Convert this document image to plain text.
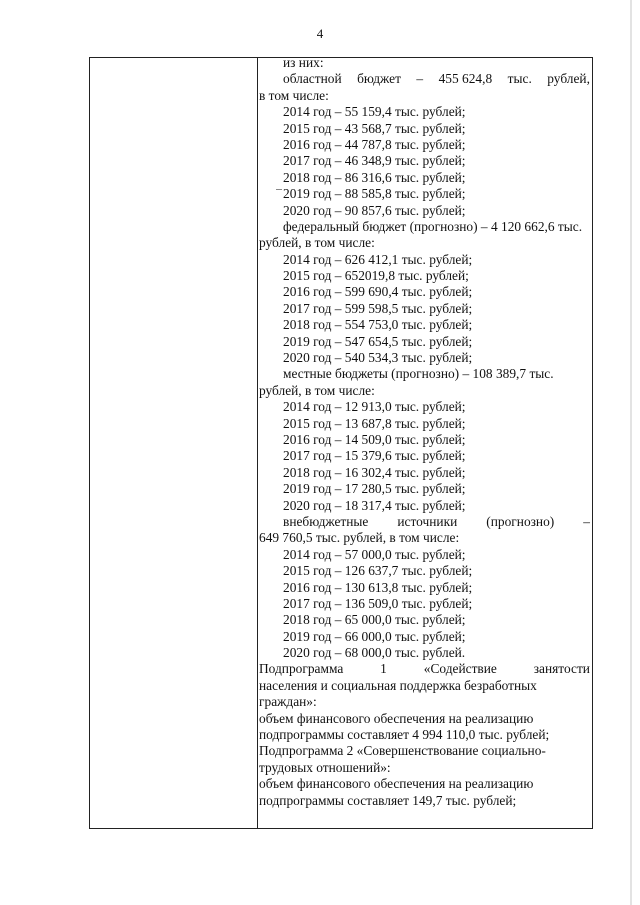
4
из них:
областной бюджет – 455 624,8 тыс. рублей,
в том числе:
2014 год – 55 159,4 тыс. рублей;
2015 год – 43 568,7 тыс. рублей;
2016 год – 44 787,8 тыс. рублей;
2017 год – 46 348,9 тыс. рублей;
2018 год – 86 316,6 тыс. рублей;
2019 год – 88 585,8 тыс. рублей;
2020 год – 90 857,6 тыс. рублей;
федеральный бюджет (прогнозно) – 4 120 662,6 тыс.
рублей, в том числе:
2014 год – 626 412,1 тыс. рублей;
2015 год – 652019,8 тыс. рублей;
2016 год – 599 690,4 тыс. рублей;
2017 год – 599 598,5 тыс. рублей;
2018 год – 554 753,0 тыс. рублей;
2019 год – 547 654,5 тыс. рублей;
2020 год – 540 534,3 тыс. рублей;
местные бюджеты (прогнозно) – 108 389,7 тыс.
рублей, в том числе:
2014 год – 12 913,0 тыс. рублей;
2015 год – 13 687,8 тыс. рублей;
2016 год – 14 509,0 тыс. рублей;
2017 год – 15 379,6 тыс. рублей;
2018 год – 16 302,4 тыс. рублей;
2019 год – 17 280,5 тыс. рублей;
2020 год – 18 317,4 тыс. рублей;
внебюджетные источники (прогнозно) –
649 760,5 тыс. рублей, в том числе:
2014 год – 57 000,0 тыс. рублей;
2015 год – 126 637,7 тыс. рублей;
2016 год – 130 613,8 тыс. рублей;
2017 год – 136 509,0 тыс. рублей;
2018 год – 65 000,0 тыс. рублей;
2019 год – 66 000,0 тыс. рублей;
2020 год – 68 000,0 тыс. рублей.
Подпрограмма	1	«Содействие	занятости
населения и социальная поддержка безработных
граждан»:
объем финансового обеспечения на реализацию
подпрограммы составляет 4 994 110,0 тыс. рублей;
Подпрограмма 2 «Совершенствование социально-
трудовых отношений»:
объем финансового обеспечения на реализацию
подпрограммы составляет 149,7 тыс. рублей;
